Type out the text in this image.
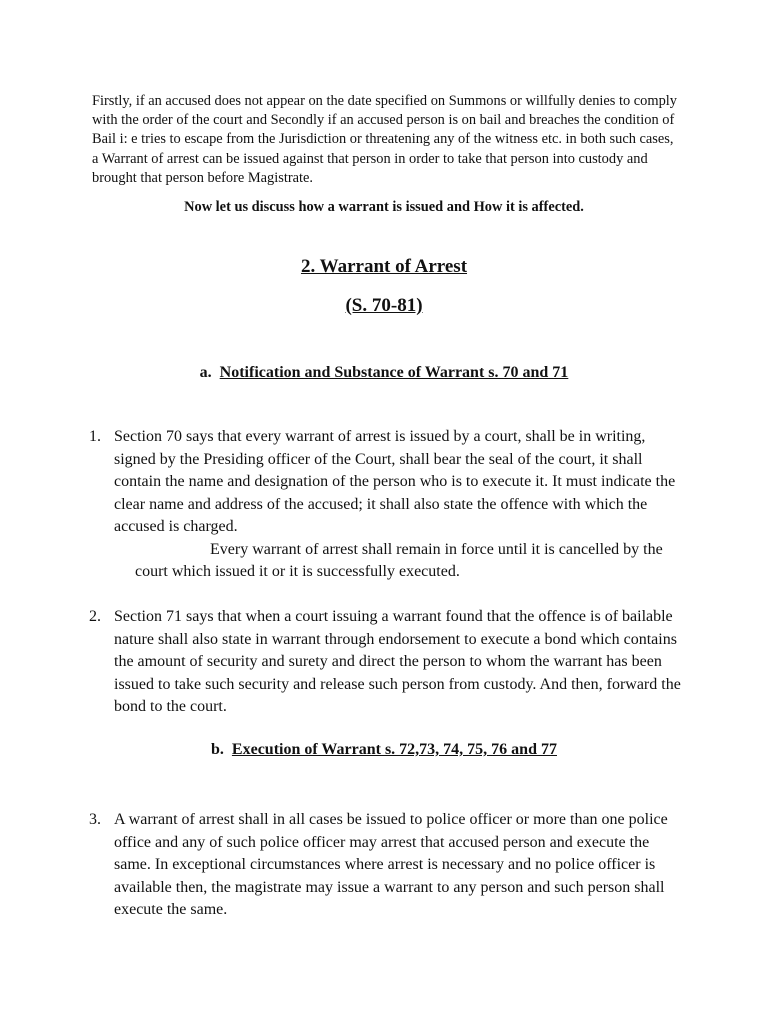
Firstly, if an accused does not appear on the date specified on Summons or willfully denies to comply with the order of the court and Secondly if an accused person is on bail and breaches the condition of Bail i: e tries to escape from the Jurisdiction or threatening any of the witness etc. in both such cases, a Warrant of arrest can be issued against that person in order to take that person into custody and brought that person before Magistrate.

Now let us discuss how a warrant is issued and How it is affected.

2. Warrant of Arrest
(S. 70-81)
a. Notification and Substance of Warrant s. 70 and 71
1. Section 70 says that every warrant of arrest is issued by a court, shall be in writing, signed by the Presiding officer of the Court, shall bear the seal of the court, it shall contain the name and designation of the person who is to execute it. It must indicate the clear name and address of the accused; it shall also state the offence with which the accused is charged.
Every warrant of arrest shall remain in force until it is cancelled by the court which issued it or it is successfully executed.
2. Section 71 says that when a court issuing a warrant found that the offence is of bailable nature shall also state in warrant through endorsement to execute a bond which contains the amount of security and surety and direct the person to whom the warrant has been issued to take such security and release such person from custody. And then, forward the bond to the court.
b. Execution of Warrant s. 72,73, 74, 75, 76 and 77
3. A warrant of arrest shall in all cases be issued to police officer or more than one police office and any of such police officer may arrest that accused person and execute the same. In exceptional circumstances where arrest is necessary and no police officer is available then, the magistrate may issue a warrant to any person and such person shall execute the same.
